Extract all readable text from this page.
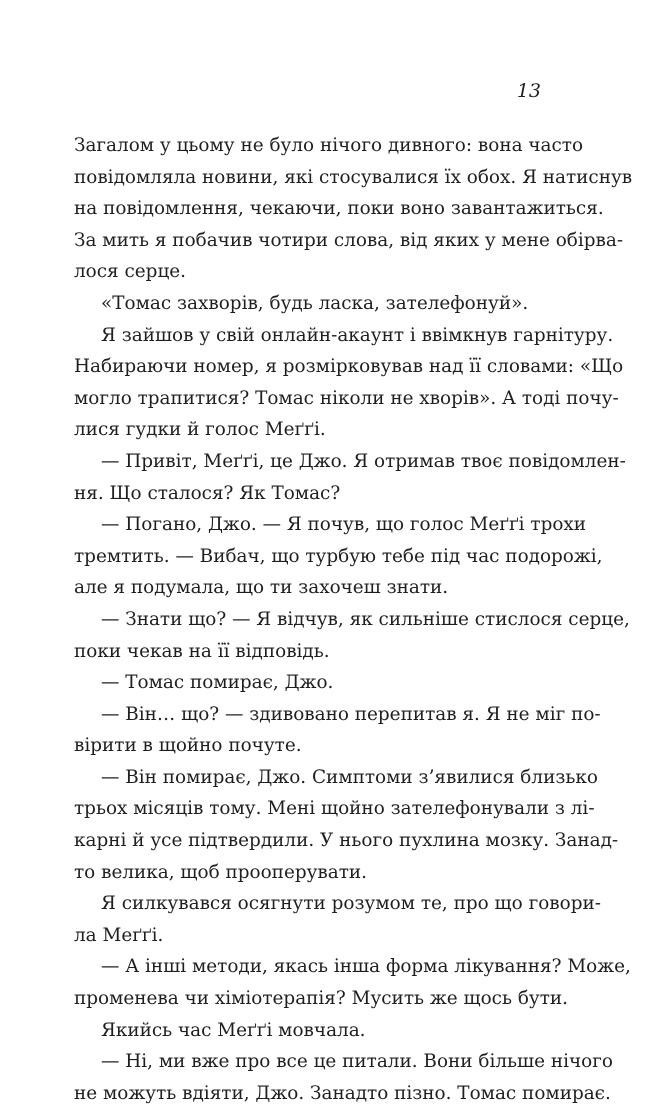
13

Загалом у цьому не було нічого дивного: вона часто
повідомляла новини, які стосувалися їх обох. Я натиснув
на повідомлення, чекаючи, поки воно завантажиться.
За мить я побачив чотири слова, від яких у мене обірва-
лося серце.

«Томас захворів, будь ласка, зателефонуй».

Я зайшов у свій онлайн-акаунт і ввімкнув гарнітуру.
Набираючи номер, я розмірковував над її словами: «Що
могло трапитися? Томас ніколи не хворів». А тоді почу-
лися гудки й голос Меґґі.

— Привіт, Меґґі, це Джо. Я отримав твоє повідомлен-
ня. Що сталося? Як Томас?

— Погано, Джо. — Я почув, що голос Меґґі трохи
тремтить. — Вибач, що турбую тебе під час подорожі,
але я подумала, що ти захочеш знати.

— Знати що? — Я відчув, як сильніше стислося серце,
поки чекав на її відповідь.

— Томас помирає, Джо.

— Він… що? — здивовано перепитав я. Я не міг по-
вірити в щойно почуте.

— Він помирає, Джо. Симптоми з’явилися близько
трьох місяців тому. Мені щойно зателефонували з лі-
карні й усе підтвердили. У нього пухлина мозку. Занад-
то велика, щоб прооперувати.

Я силкувався осягнути розумом те, про що говори-
ла Меґґі.

— А інші методи, якась інша форма лікування? Може,
променева чи хіміотерапія? Мусить же щось бути.

Якийсь час Меґґі мовчала.

— Ні, ми вже про все це питали. Вони більше нічого
не можуть вдіяти, Джо. Занадто пізно. Томас помирає.
